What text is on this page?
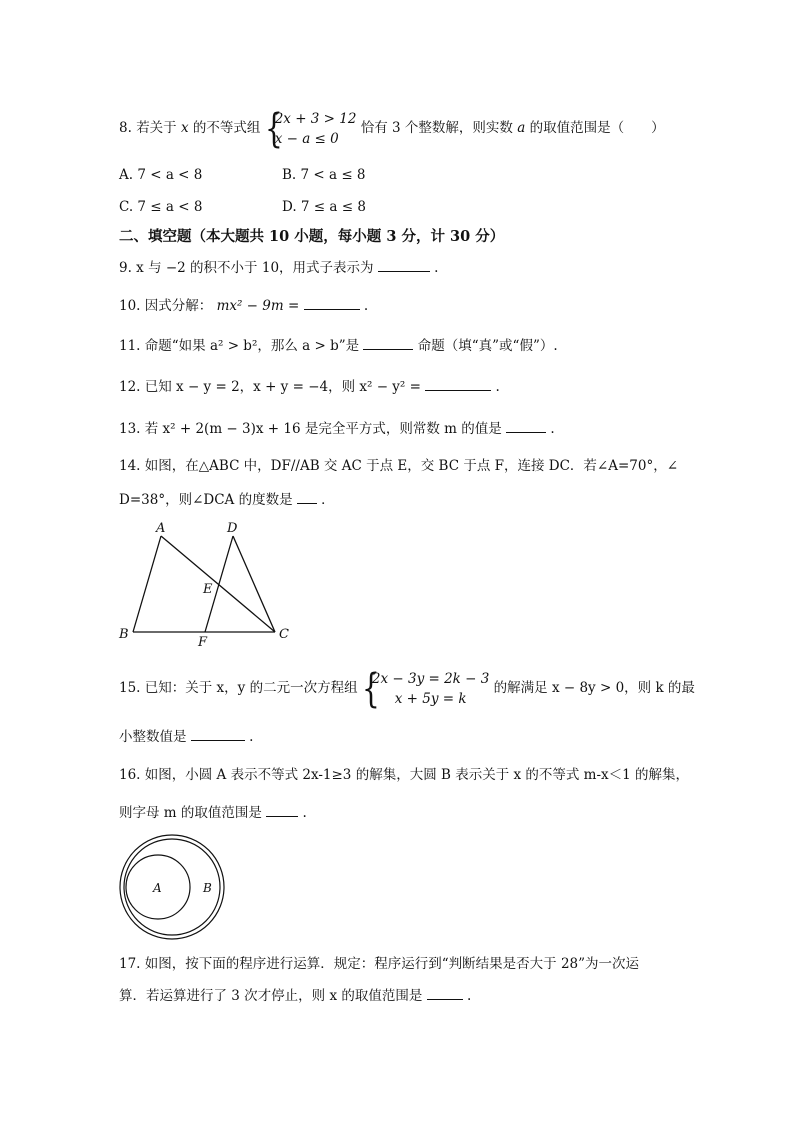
8. 若关于 x 的不等式组 {
2x + 3 > 12
x − a ≤ 0
恰有 3 个整数解，则实数 a 的取值范围是（　　）
A. 7 < a < 8	B. 7 < a ≤ 8
C. 7 ≤ a < 8	D. 7 ≤ a ≤ 8
二、填空题（本大题共 10 小题，每小题 3 分，计 30 分）
9. x 与 −2 的积不小于 10，用式子表示为	.
10. 因式分解： mx² − 9m =	.
11. 命题“如果 a² > b²，那么 a > b”是	命题（填“真”或“假”）.
12. 已知 x − y = 2，x + y = −4，则 x² − y² =	.
13. 若 x² + 2(m − 3)x + 16 是完全平方式，则常数 m 的值是	.
14. 如图，在△ABC 中，DF//AB 交 AC 于点 E，交 BC 于点 F，连接 DC．若∠A=70°，∠
D=38°，则∠DCA 的度数是 ．
A	D
E
B
F
C
15. 已知：关于 x，y 的二元一次方程组 {
2x − 3y = 2k − 3
x + 5y = k
的解满足 x − 8y > 0，则 k 的最
小整数值是	.
16. 如图，小圆 A 表示不等式 2x-1≥3 的解集，大圆 B 表示关于 x 的不等式 m-x＜1 的解集，
则字母 m 的取值范围是	.
A	B
17. 如图，按下面的程序进行运算．规定：程序运行到“判断结果是否大于 28”为一次运
算．若运算进行了 3 次才停止，则 x 的取值范围是	.
